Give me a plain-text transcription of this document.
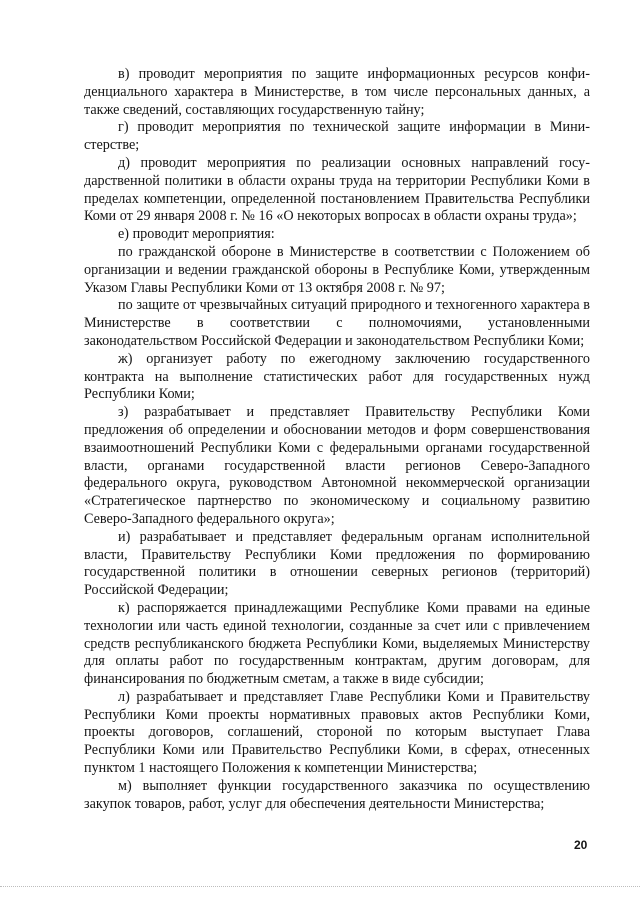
в) проводит мероприятия по защите информационных ресурсов конфиденциального характера в Министерстве, в том числе персональных данных, а также сведений, составляющих государственную тайну;

г) проводит мероприятия по технической защите информации в Министерстве;

д) проводит мероприятия по реализации основных направлений государственной политики в области охраны труда на территории Республики Коми в пределах компетенции, определенной постановлением Правительства Республики Коми от 29 января 2008 г. № 16 «О некоторых вопросах в области охраны труда»;

е) проводит мероприятия:

по гражданской обороне в Министерстве в соответствии с Положением об организации и ведении гражданской обороны в Республике Коми, утвержденным Указом Главы Республики Коми от 13 октября 2008 г. № 97;

по защите от чрезвычайных ситуаций природного и техногенного характера в Министерстве в соответствии с полномочиями, установленными законодательством Российской Федерации и законодательством Республики Коми;

ж) организует работу по ежегодному заключению государственного контракта на выполнение статистических работ для государственных нужд Республики Коми;

з) разрабатывает и представляет Правительству Республики Коми предложения об определении и обосновании методов и форм совершенствования взаимоотношений Республики Коми с федеральными органами государственной власти, органами государственной власти регионов Северо-Западного федерального округа, руководством Автономной некоммерческой организации «Стратегическое партнерство по экономическому и социальному развитию Северо-Западного федерального округа»;

и) разрабатывает и представляет федеральным органам исполнительной власти, Правительству Республики Коми предложения по формированию государственной политики в отношении северных регионов (территорий) Российской Федерации;

к) распоряжается принадлежащими Республике Коми правами на единые технологии или часть единой технологии, созданные за счет или с привлечением средств республиканского бюджета Республики Коми, выделяемых Министерству для оплаты работ по государственным контрактам, другим договорам, для финансирования по бюджетным сметам, а также в виде субсидии;

л) разрабатывает и представляет Главе Республики Коми и Правительству Республики Коми проекты нормативных правовых актов Республики Коми, проекты договоров, соглашений, стороной по которым выступает Глава Республики Коми или Правительство Республики Коми, в сферах, отнесенных пунктом 1 настоящего Положения к компетенции Министерства;

м) выполняет функции государственного заказчика по осуществлению закупок товаров, работ, услуг для обеспечения деятельности Министерства;

20
